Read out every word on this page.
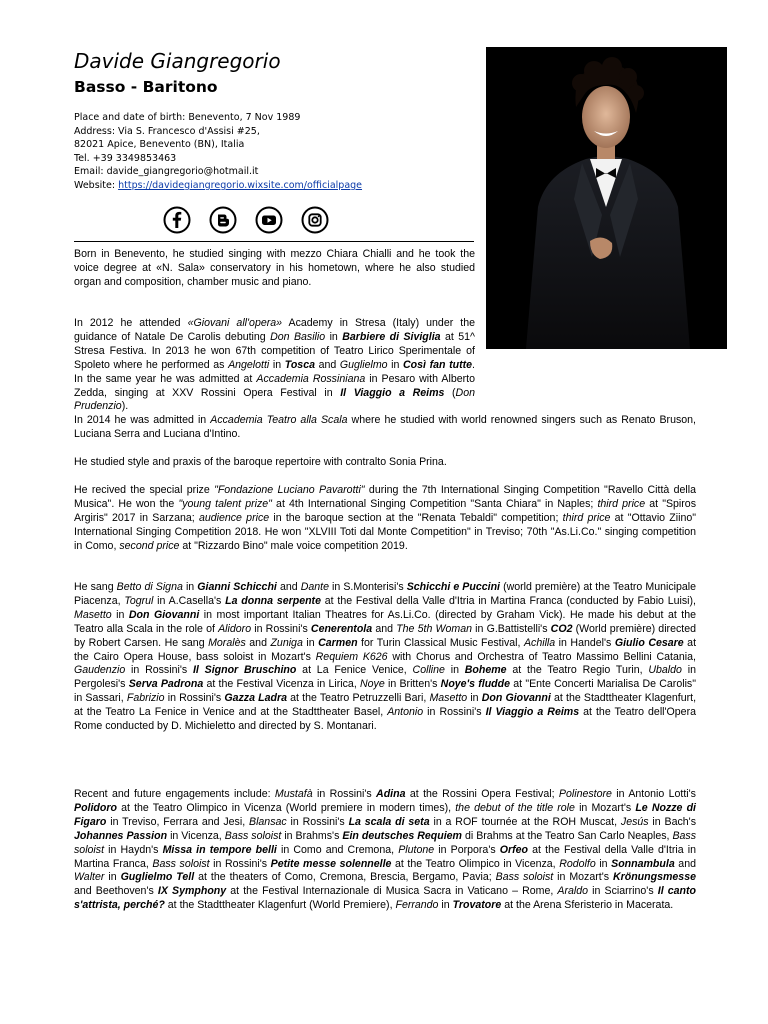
Davide Giangregorio
Basso - Baritono
Place and date of birth: Benevento, 7 Nov 1989
Address: Via S. Francesco d'Assisi #25,
82021 Apice, Benevento (BN), Italia
Tel. +39 3349853463
Email: davide_giangregorio@hotmail.it
Website: https://davidegiangregorio.wixsite.com/officialpage

Born in Benevento, he studied singing with mezzo Chiara Chialli and he took the voice degree at «N. Sala» conservatory in his hometown, where he also studied organ and composition, chamber music and piano.

In 2012 he attended «Giovani all'opera» Academy in Stresa (Italy) under the guidance of Natale De Carolis debuting Don Basilio in Barbiere di Siviglia at 51^ Stresa Festiva. In 2013 he won 67th competition of Teatro Lirico Sperimentale of Spoleto where he performed as Angelotti in Tosca and Guglielmo in Così fan tutte. In the same year he was admitted at Accademia Rossiniana in Pesaro with Alberto Zedda, singing at XXV Rossini Opera Festival in Il Viaggio a Reims (Don Prudenzio).

In 2014 he was admitted in Accademia Teatro alla Scala where he studied with world renowned singers such as Renato Bruson, Luciana Serra and Luciana d'Intino.

He studied style and praxis of the baroque repertoire with contralto Sonia Prina.

He recived the special prize "Fondazione Luciano Pavarotti" during the 7th International Singing Competition "Ravello Città della Musica". He won the "young talent prize" at 4th International Singing Competition "Santa Chiara" in Naples; third price at "Spiros Argiris" 2017 in Sarzana; audience price in the baroque section at the "Renata Tebaldi" competition; third price at "Ottavio Ziino" International Singing Competition 2018. He won "XLVIII Toti dal Monte Competition" in Treviso; 70th "As.Li.Co." singing competition in Como, second price at "Rizzardo Bino" male voice competition 2019.

He sang Betto di Signa in Gianni Schicchi and Dante in S.Monterisi's Schicchi e Puccini (world première) at the Teatro Municipale Piacenza, Togrul in A.Casella's La donna serpente at the Festival della Valle d'Itria in Martina Franca (conducted by Fabio Luisi), Masetto in Don Giovanni in most important Italian Theatres for As.Li.Co. (directed by Graham Vick). He made his debut at the Teatro alla Scala in the role of Alidoro in Rossini's Cenerentola and The 5th Woman in G.Battistelli's CO2 (World première) directed by Robert Carsen. He sang Moralès and Zuniga in Carmen for Turin Classical Music Festival, Achilla in Handel's Giulio Cesare at the Cairo Opera House, bass soloist in Mozart's Requiem K626 with Chorus and Orchestra of Teatro Massimo Bellini Catania, Gaudenzio in Rossini's Il Signor Bruschino at La Fenice Venice, Colline in Boheme at the Teatro Regio Turin, Ubaldo in Pergolesi's Serva Padrona at the Festival Vicenza in Lirica, Noye in Britten's Noye's fludde at "Ente Concerti Marialisa De Carolis" in Sassari, Fabrizio in Rossini's Gazza Ladra at the Teatro Petruzzelli Bari, Masetto in Don Giovanni at the Stadttheater Klagenfurt, at the Teatro La Fenice in Venice and at the Stadttheater Basel, Antonio in Rossini's Il Viaggio a Reims at the Teatro dell'Opera Rome conducted by D. Michieletto and directed by S. Montanari.

Recent and future engagements include: Mustafà in Rossini's Adina at the Rossini Opera Festival; Polinestore in Antonio Lotti's Polidoro at the Teatro Olimpico in Vicenza (World premiere in modern times), the debut of the title role in Mozart's Le Nozze di Figaro in Treviso, Ferrara and Jesi, Blansac in Rossini's La scala di seta in a ROF tournée at the ROH Muscat, Jesús in Bach's Johannes Passion in Vicenza, Bass soloist in Brahms's Ein deutsches Requiem di Brahms at the Teatro San Carlo Neaples, Bass soloist in Haydn's Missa in tempore belli in Como and Cremona, Plutone in Porpora's Orfeo at the Festival della Valle d'Itria in Martina Franca, Bass soloist in Rossini's Petite messe solennelle at the Teatro Olimpico in Vicenza, Rodolfo in Sonnambula and Walter in Guglielmo Tell at the theaters of Como, Cremona, Brescia, Bergamo, Pavia; Bass soloist in Mozart's Krönungsmesse and Beethoven's IX Symphony at the Festival Internazionale di Musica Sacra in Vaticano – Rome, Araldo in Sciarrino's Il canto s'attrista, perché? at the Stadttheater Klagenfurt (World Premiere), Ferrando in Trovatore at the Arena Sferisterio in Macerata.
